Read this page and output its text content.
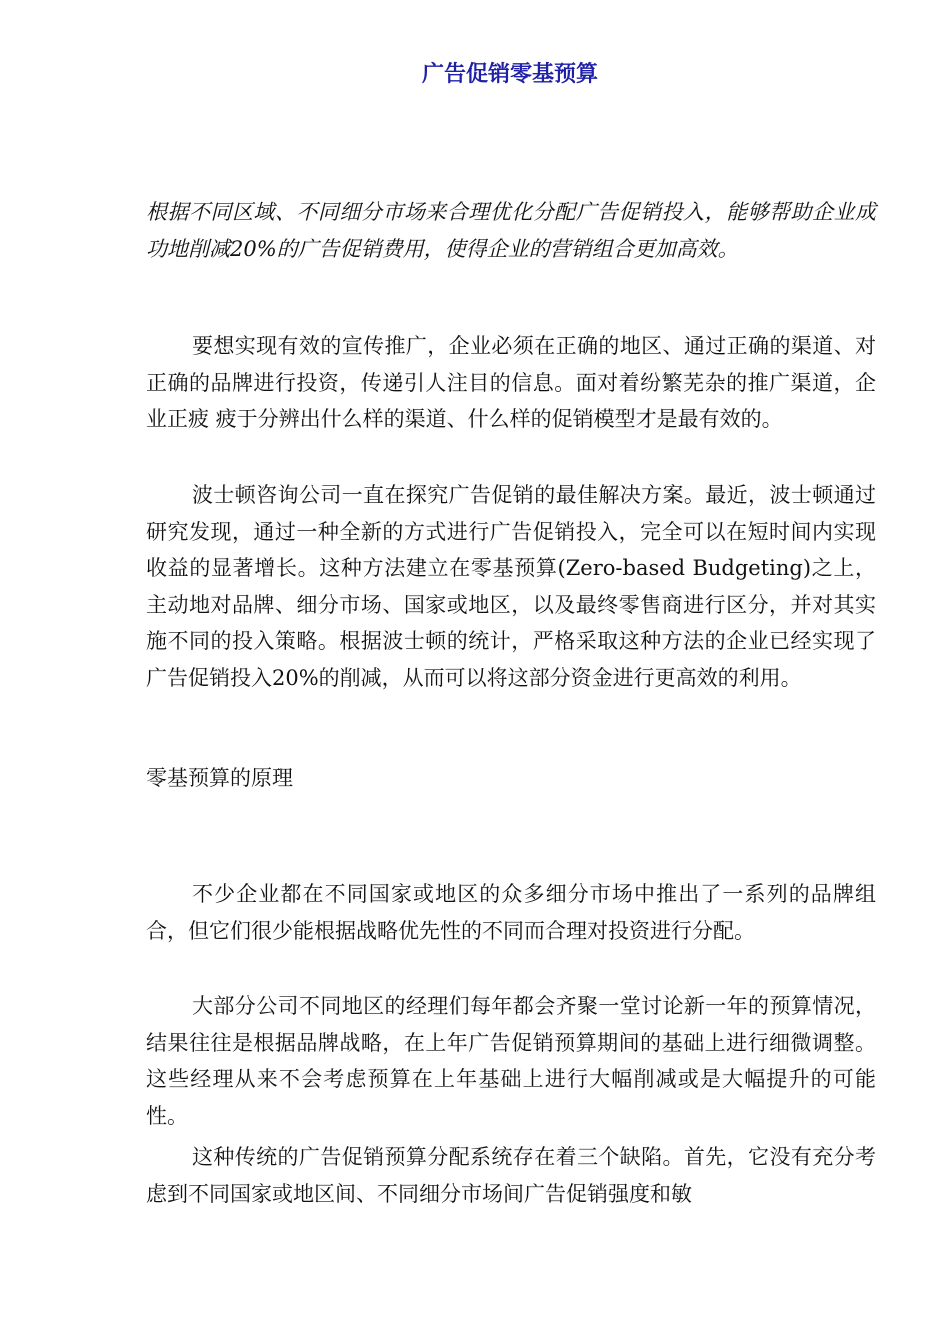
广告促销零基预算

根据不同区域、不同细分市场来合理优化分配广告促销投入，能够帮助企业成功地削减20%的广告促销费用，使得企业的营销组合更加高效。

要想实现有效的宣传推广，企业必须在正确的地区、通过正确的渠道、对正确的品牌进行投资，传递引人注目的信息。面对着纷繁芜杂的推广渠道，企业正疲 疲于分辨出什么样的渠道、什么样的促销模型才是最有效的。

波士顿咨询公司一直在探究广告促销的最佳解决方案。最近，波士顿通过研究发现，通过一种全新的方式进行广告促销投入，完全可以在短时间内实现收益的显著增长。这种方法建立在零基预算(Zero-based Budgeting)之上，主动地对品牌、细分市场、国家或地区，以及最终零售商进行区分，并对其实施不同的投入策略。根据波士顿的统计，严格采取这种方法的企业已经实现了广告促销投入20%的削减，从而可以将这部分资金进行更高效的利用。

零基预算的原理

不少企业都在不同国家或地区的众多细分市场中推出了一系列的品牌组合，但它们很少能根据战略优先性的不同而合理对投资进行分配。

大部分公司不同地区的经理们每年都会齐聚一堂讨论新一年的预算情况，结果往往是根据品牌战略，在上年广告促销预算期间的基础上进行细微调整。这些经理从来不会考虑预算在上年基础上进行大幅削减或是大幅提升的可能性。

这种传统的广告促销预算分配系统存在着三个缺陷。首先，它没有充分考虑到不同国家或地区间、不同细分市场间广告促销强度和敏
